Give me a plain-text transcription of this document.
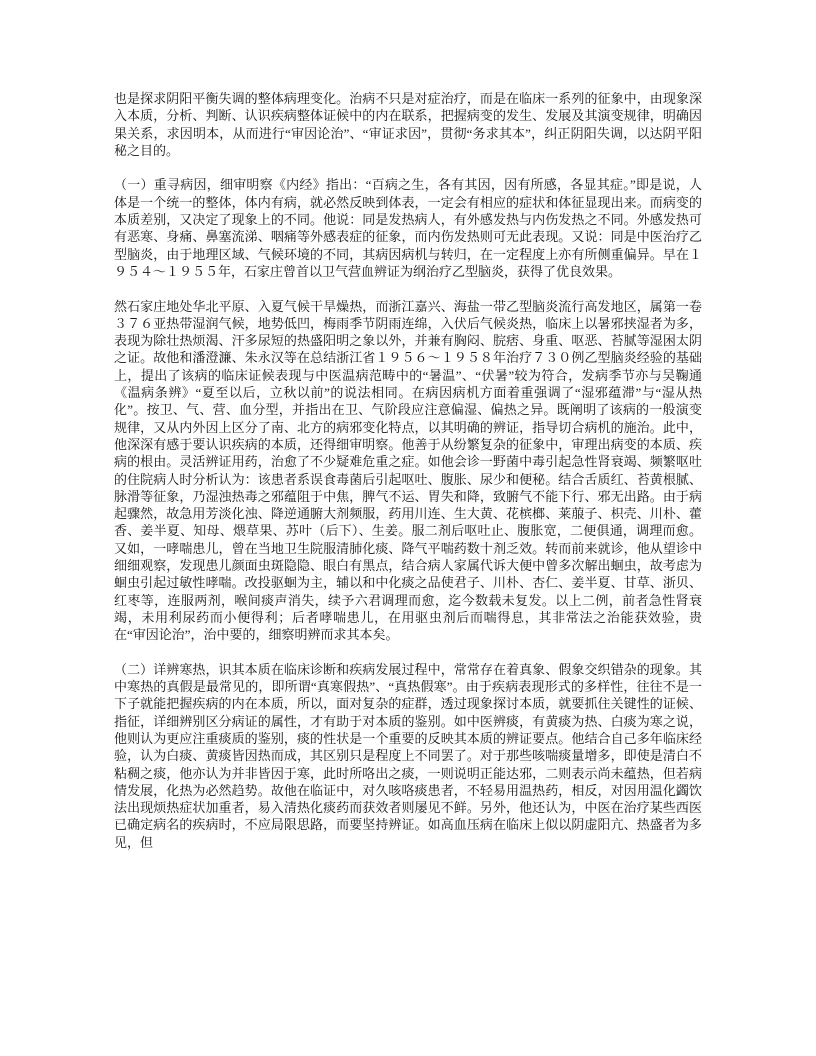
也是探求阴阳平衡失调的整体病理变化。治病不只是对症治疗，而是在临床一系列的征象中，由现象深入本质，分析、判断、认识疾病整体证候中的内在联系，把握病变的发生、发展及其演变规律，明确因果关系，求因明本，从而进行“审因论治”、“审证求因”，贯彻“务求其本”，纠正阴阳失调，以达阴平阳秘之目的。

（一）重寻病因，细审明察《内经》指出：“百病之生，各有其因，因有所感，各显其症。”即是说，人体是一个统一的整体，体内有病，就必然反映到体表，一定会有相应的症状和体征显现出来。而病变的本质差别，又决定了现象上的不同。他说：同是发热病人，有外感发热与内伤发热之不同。外感发热可有恶寒、身痛、鼻塞流涕、咽痛等外感表症的征象，而内伤发热则可无此表现。又说：同是中医治疗乙型脑炎，由于地理区域、气候环境的不同，其病因病机与转归，在一定程度上亦有所侧重偏异。早在１９５４～１９５５年，石家庄曾首以卫气营血辨证为纲治疗乙型脑炎，获得了优良效果。

然石家庄地处华北平原、入夏气候干旱燥热，而浙江嘉兴、海盐一带乙型脑炎流行高发地区，属第一卷３７６亚热带湿润气候，地势低凹，梅雨季节阴雨连绵，入伏后气候炎热，临床上以暑邪挟湿者为多，表现为除壮热烦渴、汗多尿短的热盛阳明之象以外，并兼有胸闷、脘痞、身重、呕恶、苔腻等湿困太阴之证。故他和潘澄濂、朱永汉等在总结浙江省１９５６～１９５８年治疗７３０例乙型脑炎经验的基础上，提出了该病的临床证候表现与中医温病范畴中的“暑温”、“伏暑”较为符合，发病季节亦与吴鞠通《温病条辨》“夏至以后，立秋以前”的说法相同。在病因病机方面着重强调了“湿邪蕴滞”与“湿从热化”。按卫、气、营、血分型，并指出在卫、气阶段应注意偏湿、偏热之异。既阐明了该病的一般演变规律，又从内外因上区分了南、北方的病邪变化特点，以其明确的辨证，指导切合病机的施治。此中，他深深有感于要认识疾病的本质，还得细审明察。他善于从纷繁复杂的征象中，审理出病变的本质、疾病的根由。灵活辨证用药，治愈了不少疑难危重之症。如他会诊一野菌中毒引起急性肾衰竭、频繁呕吐的住院病人时分析认为：该患者系误食毒菌后引起呕吐、腹胀、尿少和便秘。结合舌质红、苔黄根腻、脉滑等征象，乃湿浊热毒之邪蕴阻于中焦，脾气不运、胃失和降，致腑气不能下行、邪无出路。由于病起骤然，故急用芳淡化浊、降逆通腑大剂频服，药用川连、生大黄、花槟榔、莱菔子、枳壳、川朴、藿香、姜半夏、知母、煨草果、苏叶（后下）、生姜。服二剂后呕吐止、腹胀宽，二便俱通，调理而愈。又如，一哮喘患儿，曾在当地卫生院服清肺化痰、降气平喘药数十剂乏效。转而前来就诊，他从望诊中细细观察，发现患儿颜面虫斑隐隐、眼白有黑点，结合病人家属代诉大便中曾多次解出蛔虫，故考虑为蛔虫引起过敏性哮喘。改投驱蛔为主，辅以和中化痰之品使君子、川朴、杏仁、姜半夏、甘草、浙贝、红枣等，连服两剂，喉间痰声消失，续予六君调理而愈，迄今数载未复发。以上二例，前者急性肾衰竭，未用利尿药而小便得利；后者哮喘患儿，在用驱虫剂后而喘得息，其非常法之治能获效验，贵在“审因论治”，治中要的，细察明辨而求其本矣。

（二）详辨寒热，识其本质在临床诊断和疾病发展过程中，常常存在着真象、假象交织错杂的现象。其中寒热的真假是最常见的，即所谓“真寒假热”、“真热假寒”。由于疾病表现形式的多样性，往往不是一下子就能把握疾病的内在本质，所以，面对复杂的症群，透过现象探讨本质，就要抓住关键性的证候、指征，详细辨别区分病证的属性，才有助于对本质的鉴别。如中医辨痰，有黄痰为热、白痰为寒之说，他则认为更应注重痰质的鉴别，痰的性状是一个重要的反映其本质的辨证要点。他结合自己多年临床经验，认为白痰、黄痰皆因热而成，其区别只是程度上不同罢了。对于那些咳喘痰量增多，即使是清白不粘稠之痰，他亦认为并非皆因于寒，此时所咯出之痰，一则说明正能达邪，二则表示尚未蕴热，但若病情发展，化热为必然趋势。故他在临证中，对久咳咯痰患者，不轻易用温热药，相反，对因用温化蠲饮法出现烦热症状加重者，易入清热化痰药而获效者则屡见不鲜。另外，他还认为，中医在治疗某些西医已确定病名的疾病时，不应局限思路，而要坚持辨证。如高血压病在临床上似以阴虚阳亢、热盛者为多见，但
